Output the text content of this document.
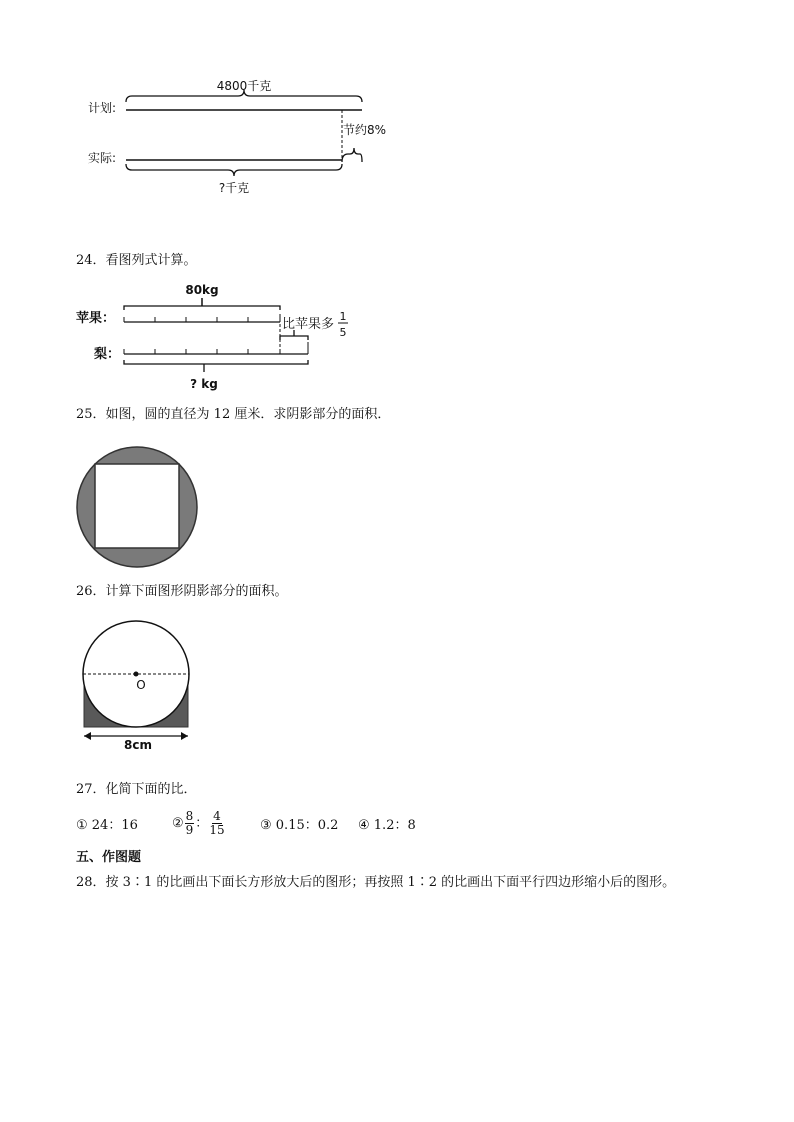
4800千克
计划:
节约8%
实际:
?千克
24．看图列式计算。
80kg
苹果：	比苹果多
1
5
梨：
? kg
25．如图，圆的直径为 12 厘米．求阴影部分的面积．
26．计算下面图形阴影部分的面积。
O
8cm
27．化简下面的比．
① 24：16	② $\frac{8}{9}$ ： $\frac{4}{15}$	③ 0.15：0.2 ④ 1.2：8
五、作图题
28．按 3∶1 的比画出下面长方形放大后的图形；再按照 1∶2 的比画出下面平行四边形缩小后的图形。
